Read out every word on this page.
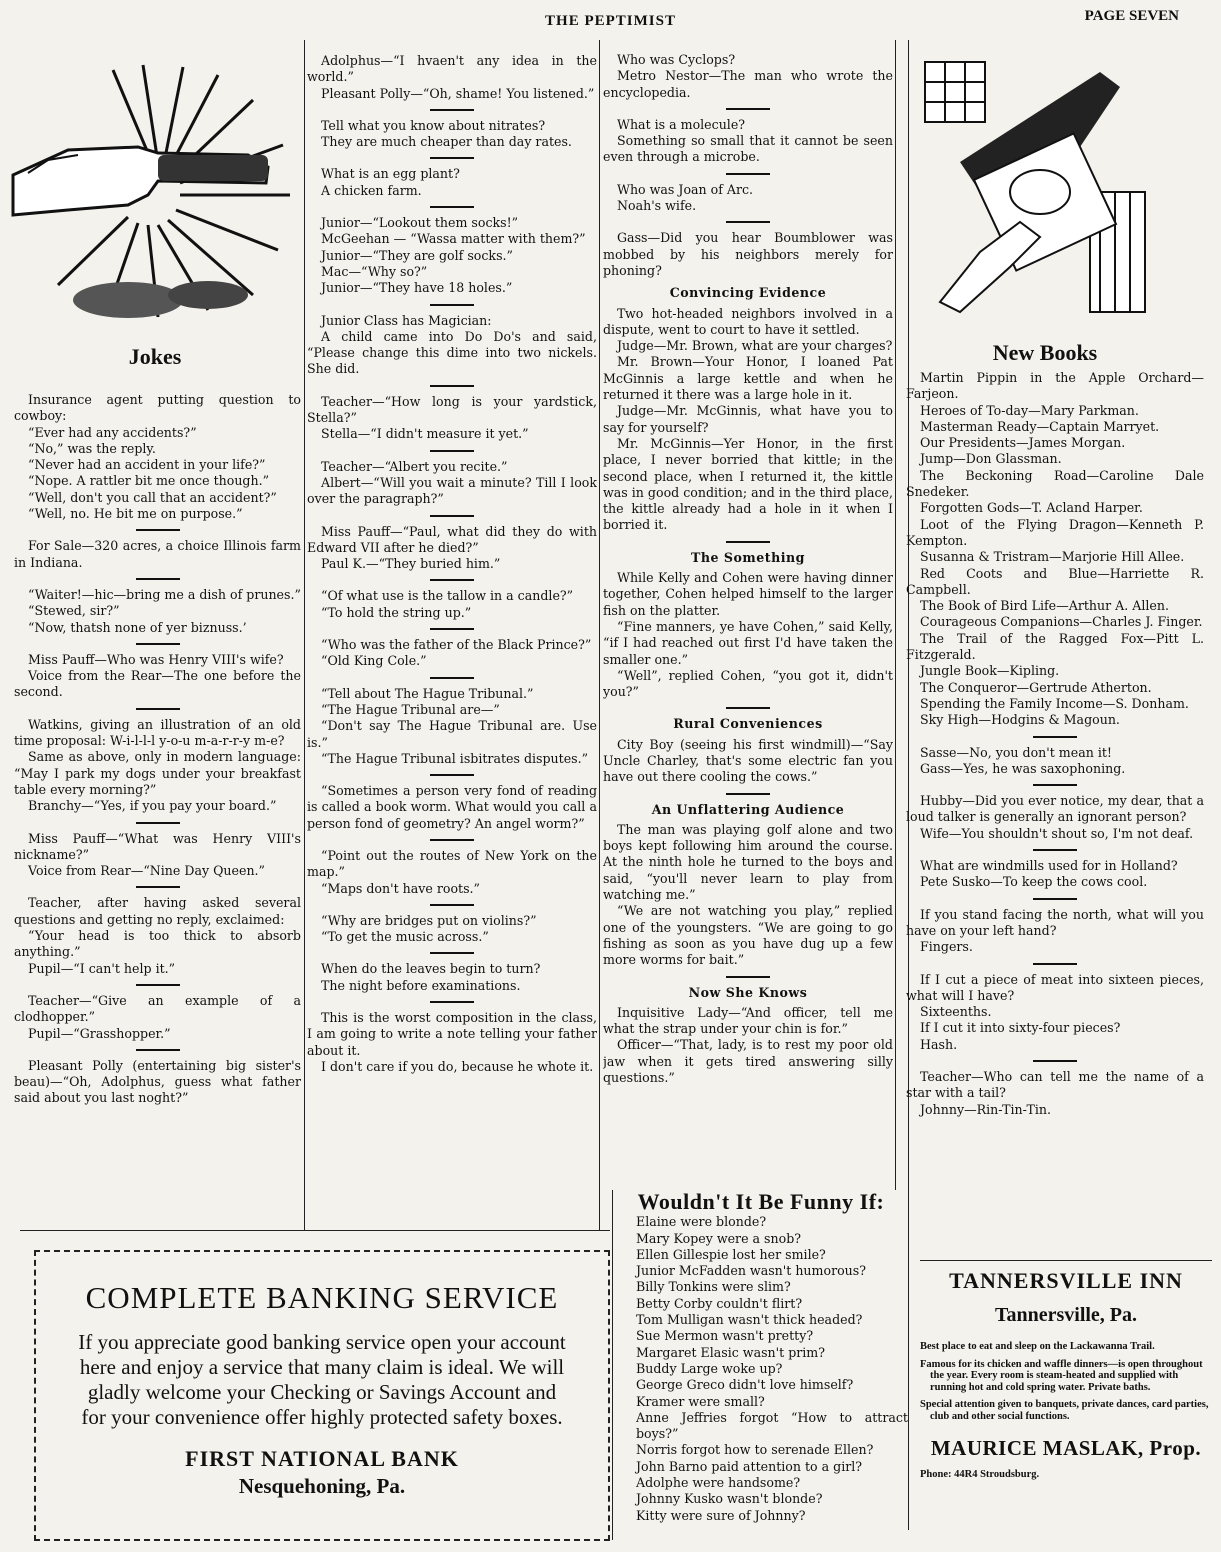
THE PEPTIMIST	PAGE SEVEN
Jokes

Insurance agent putting question to cowboy:

“Ever had any accidents?”

“No,” was the reply.

“Never had an accident in your life?”

“Nope. A rattler bit me once though.”

“Well, don't you call that an accident?”

“Well, no. He bit me on purpose.”

For Sale—320 acres, a choice Illinois farm in Indiana.

“Waiter!—hic—bring me a dish of prunes.”

“Stewed, sir?”

“Now, thatsh none of yer biznuss.’

Miss Pauff—Who was Henry VIII's wife?

Voice from the Rear—The one before the second.

Watkins, giving an illustration of an old time proposal: W-i-l-l-l y-o-u m-a-r-r-y m-e?

Same as above, only in modern language: “May I park my dogs under your breakfast table every morning?”

Branchy—“Yes, if you pay your board.”

Miss Pauff—“What was Henry VIII's nickname?”

Voice from Rear—“Nine Day Queen.”

Teacher, after having asked several questions and getting no reply, exclaimed:

“Your head is too thick to absorb anything.”

Pupil—“I can't help it.”

Teacher—“Give an example of a clodhopper.”

Pupil—“Grasshopper.”

Pleasant Polly (entertaining big sister's beau)—“Oh, Adolphus, guess what father said about you last noght?”

Adolphus—“I hvaen't any idea in the world.”

Pleasant Polly—“Oh, shame! You listened.”

Tell what you know about nitrates?

They are much cheaper than day rates.

What is an egg plant?

A chicken farm.

Junior—“Lookout them socks!”

McGeehan — “Wassa matter with them?”

Junior—“They are golf socks.”

Mac—“Why so?”

Junior—“They have 18 holes.”

Junior Class has Magician:

A child came into Do Do's and said, “Please change this dime into two nickels. She did.

Teacher—“How long is your yardstick, Stella?”

Stella—“I didn't measure it yet.”

Teacher—“Albert you recite.”

Albert—“Will you wait a minute? Till I look over the paragraph?”

Miss Pauff—“Paul, what did they do with Edward VII after he died?”

Paul K.—“They buried him.”

“Of what use is the tallow in a candle?”

“To hold the string up.”

“Who was the father of the Black Prince?”

“Old King Cole.”

“Tell about The Hague Tribunal.”

“The Hague Tribunal are—”

“Don't say The Hague Tribunal are. Use is.”

“The Hague Tribunal isbitrates disputes.”

“Sometimes a person very fond of reading is called a book worm. What would you call a person fond of geometry? An angel worm?”

“Point out the routes of New York on the map.”

“Maps don't have roots.”

“Why are bridges put on violins?”

“To get the music across.”

When do the leaves begin to turn?

The night before examinations.

This is the worst composition in the class, I am going to write a note telling your father about it.

I don't care if you do, because he whote it.

Who was Cyclops?

Metro Nestor—The man who wrote the encyclopedia.

What is a molecule?

Something so small that it cannot be seen even through a microbe.

Who was Joan of Arc.

Noah's wife.

Gass—Did you hear Boumblower was mobbed by his neighbors merely for phoning?

Convincing Evidence

Two hot-headed neighbors involved in a dispute, went to court to have it settled.

Judge—Mr. Brown, what are your charges?

Mr. Brown—Your Honor, I loaned Pat McGinnis a large kettle and when he returned it there was a large hole in it.

Judge—Mr. McGinnis, what have you to say for yourself?

Mr. McGinnis—Yer Honor, in the first place, I never borried that kittle; in the second place, when I returned it, the kittle was in good condition; and in the third place, the kittle already had a hole in it when I borried it.

The Something

While Kelly and Cohen were having dinner together, Cohen helped himself to the larger fish on the platter.

“Fine manners, ye have Cohen,” said Kelly, “if I had reached out first I'd have taken the smaller one.”

“Well”, replied Cohen, “you got it, didn't you?”

Rural Conveniences

City Boy (seeing his first windmill)—“Say Uncle Charley, that's some electric fan you have out there cooling the cows.”

An Unflattering Audience

The man was playing golf alone and two boys kept following him around the course. At the ninth hole he turned to the boys and said, “you'll never learn to play from watching me.”

“We are not watching you play,” replied one of the youngsters. “We are going to go fishing as soon as you have dug up a few more worms for bait.”

Now She Knows

Inquisitive Lady—“And officer, tell me what the strap under your chin is for.”

Officer—“That, lady, is to rest my poor old jaw when it gets tired answering silly questions.”

Wouldn't It Be Funny If:

Elaine were blonde?

Mary Kopey were a snob?

Ellen Gillespie lost her smile?

Junior McFadden wasn't humorous?

Billy Tonkins were slim?

Betty Corby couldn't flirt?

Tom Mulligan wasn't thick headed?

Sue Mermon wasn't pretty?

Margaret Elasic wasn't prim?

Buddy Large woke up?

George Greco didn't love himself?

Kramer were small?

Anne Jeffries forgot “How to attract boys?”

Norris forgot how to serenade Ellen?

John Barno paid attention to a girl?

Adolphe were handsome?

Johnny Kusko wasn't blonde?

Kitty were sure of Johnny?

New Books

Martin Pippin in the Apple Orchard—Farjeon.

Heroes of To-day—Mary Parkman.

Masterman Ready—Captain Marryet.

Our Presidents—James Morgan.

Jump—Don Glassman.

The Beckoning Road—Caroline Dale Snedeker.

Forgotten Gods—T. Acland Harper.

Loot of the Flying Dragon—Kenneth P. Kempton.

Susanna & Tristram—Marjorie Hill Allee.

Red Coots and Blue—Harriette R. Campbell.

The Book of Bird Life—Arthur A. Allen.

Courageous Companions—Charles J. Finger.

The Trail of the Ragged Fox—Pitt L. Fitzgerald.

Jungle Book—Kipling.

The Conqueror—Gertrude Atherton.

Spending the Family Income—S. Donham.

Sky High—Hodgins & Magoun.

Sasse—No, you don't mean it!

Gass—Yes, he was saxophoning.

Hubby—Did you ever notice, my dear, that a loud talker is generally an ignorant person?

Wife—You shouldn't shout so, I'm not deaf.

What are windmills used for in Holland?

Pete Susko—To keep the cows cool.

If you stand facing the north, what will you have on your left hand?

Fingers.

If I cut a piece of meat into sixteen pieces, what will I have?

Sixteenths.

If I cut it into sixty-four pieces?

Hash.

Teacher—Who can tell me the name of a star with a tail?

Johnny—Rin-Tin-Tin.

COMPLETE BANKING SERVICE
If you appreciate good banking service open your account here and enjoy a service that many claim is ideal. We will gladly welcome your Checking or Savings Account and for your convenience offer highly protected safety boxes.
FIRST NATIONAL BANK
Nesquehoning, Pa.
TANNERSVILLE INN
Tannersville, Pa.

Best place to eat and sleep on the Lackawanna Trail.

Famous for its chicken and waffle dinners—is open throughout the year. Every room is steam-heated and supplied with running hot and cold spring water. Private baths.

Special attention given to banquets, private dances, card parties, club and other social functions.

MAURICE MASLAK, Prop.
Phone: 44R4 Stroudsburg.
